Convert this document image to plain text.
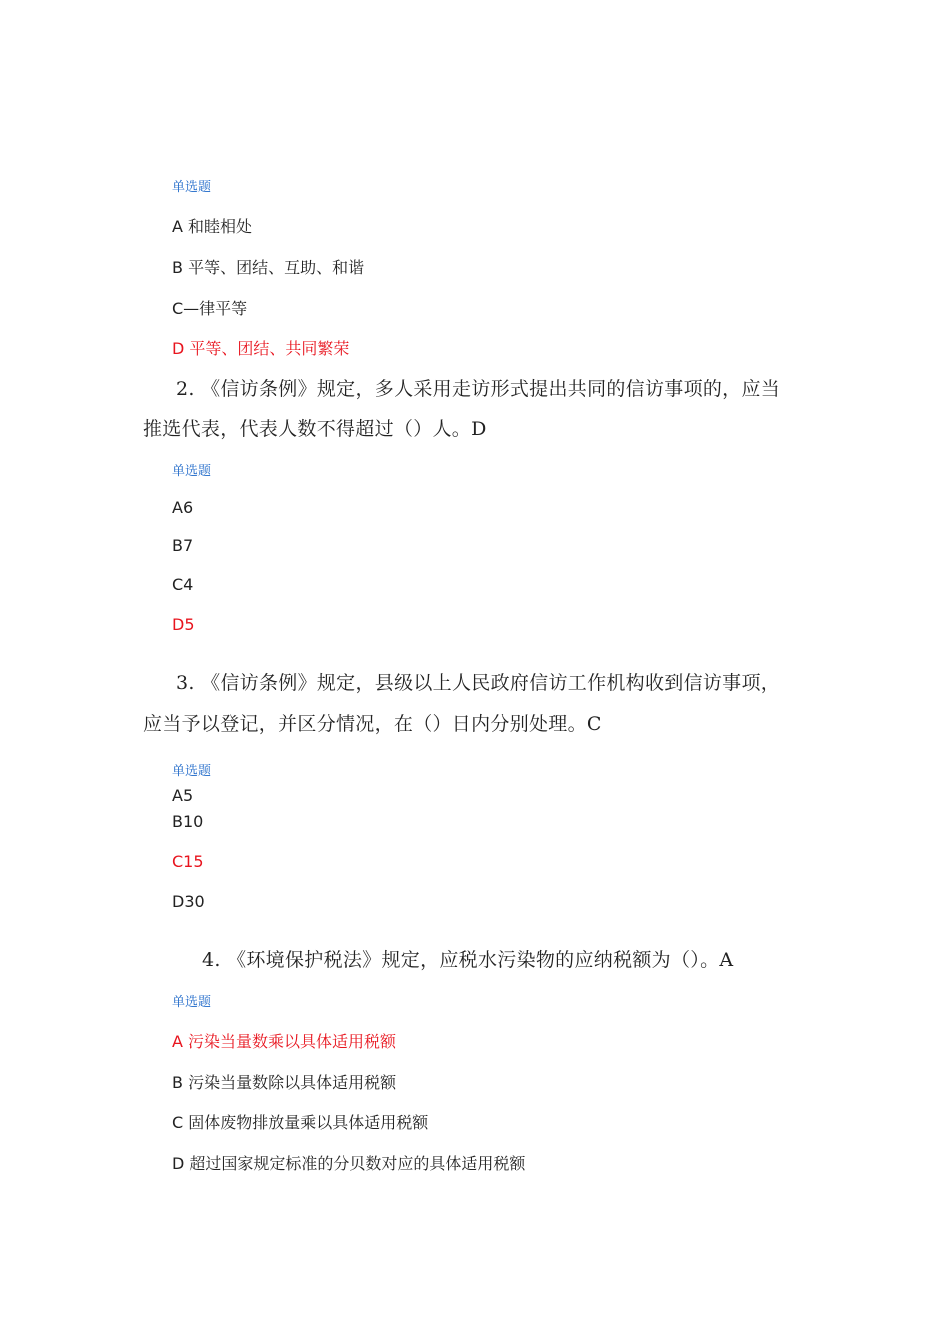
单选题
A 和睦相处
B 平等、团结、互助、和谐
C—律平等
D 平等、团结、共同繁荣
2. 《信访条例》规定，多人采用走访形式提出共同的信访事项的，应当
推选代表，代表人数不得超过（）人。D
单选题
A6
B7
C4
D5
3. 《信访条例》规定，县级以上人民政府信访工作机构收到信访事项，
应当予以登记，并区分情况，在（）日内分别处理。C
单选题
A5
B10
C15
D30
4. 《环境保护税法》规定，应税水污染物的应纳税额为（）。A
单选题
A 污染当量数乘以具体适用税额
B 污染当量数除以具体适用税额
C 固体废物排放量乘以具体适用税额
D 超过国家规定标准的分贝数对应的具体适用税额
